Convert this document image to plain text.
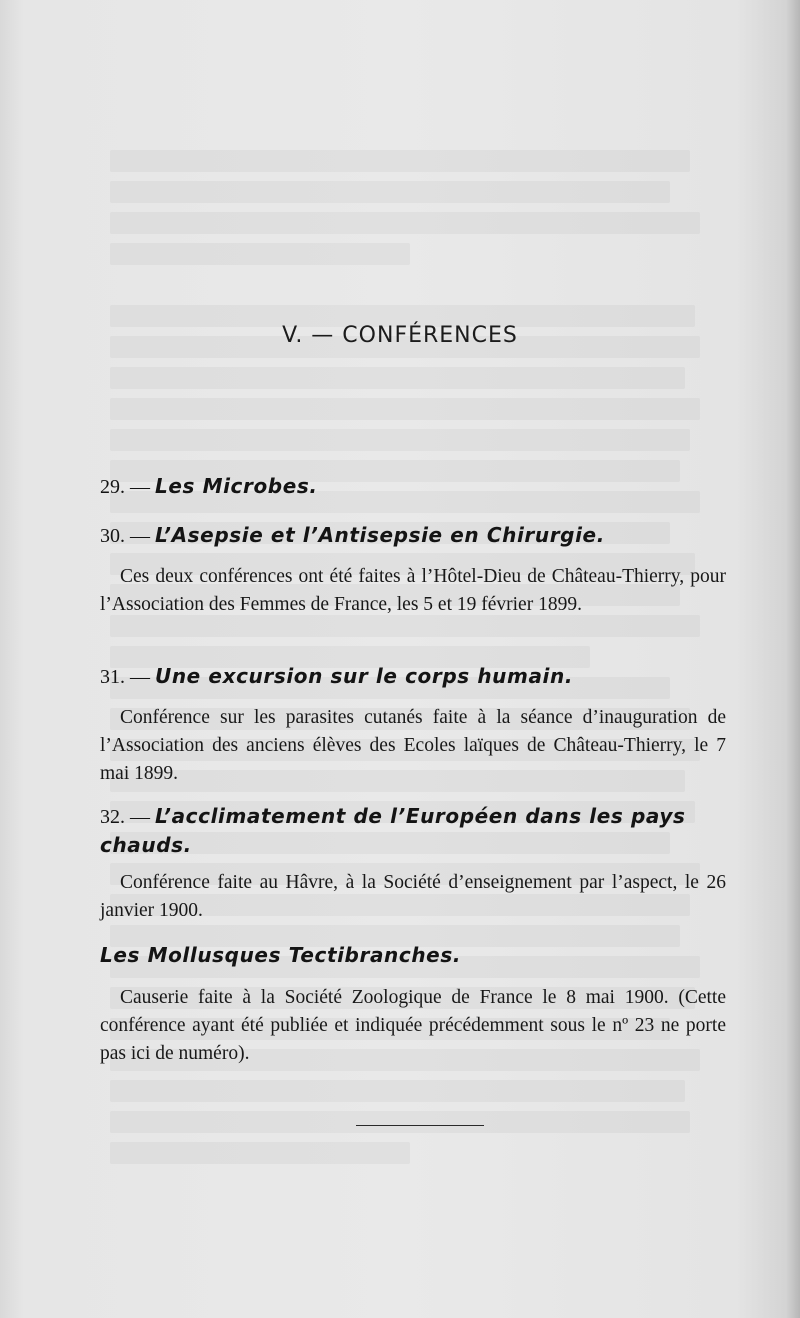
V. — CONFÉRENCES
29. — Les Microbes.
30. — L’Asepsie et l’Antisepsie en Chirurgie.
Ces deux conférences ont été faites à l’Hôtel-Dieu de Château-Thierry, pour l’Association des Femmes de France, les 5 et 19 février 1899.
31. — Une excursion sur le corps humain.
Conférence sur les parasites cutanés faite à la séance d’inauguration de l’Association des anciens élèves des Ecoles laïques de Château-Thierry, le 7 mai 1899.
32. — L’acclimatement de l’Européen dans les pays chauds.
Conférence faite au Hâvre, à la Société d’enseignement par l’aspect, le 26 janvier 1900.
Les Mollusques Tectibranches.
Causerie faite à la Société Zoologique de France le 8 mai 1900. (Cette conférence ayant été publiée et indiquée précédemment sous le nº 23 ne porte pas ici de numéro).
